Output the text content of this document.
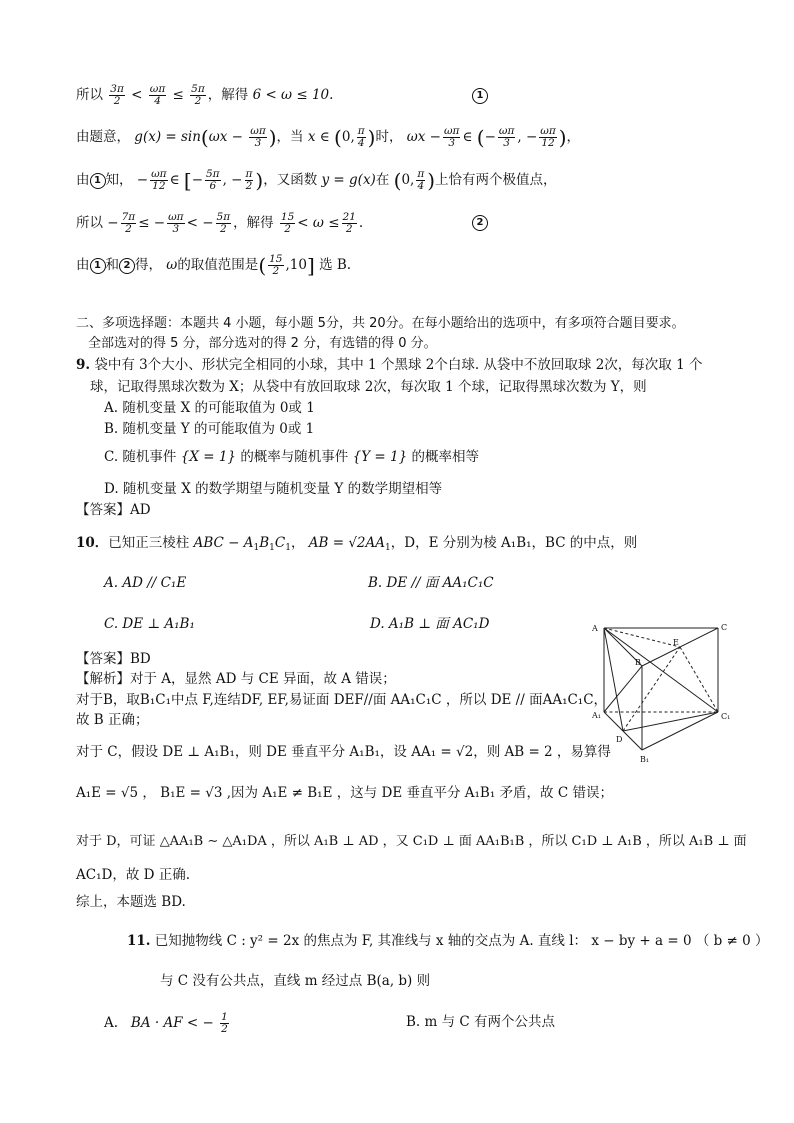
所以 $\frac{3\pi}{2} < \frac{\omega\pi}{4} \le \frac{5\pi}{2}$ ，解得 6 < ω ≤ 10.	1
由题意， $g(x) = \sin(\omega x - \frac{\omega\pi}{3}$ )，当 x ∈ (0, $\frac{\pi}{4}$ )时， $\omega x - \frac{\omega\pi}{3}$ ∈ (− $\frac{\omega\pi}{3}$ , − $\frac{\omega\pi}{12}$ )，
由 1 知， − $\frac{\omega\pi}{12}$ ∈ [− $\frac{5\pi}{6}$ , − $\frac{\pi}{2}$ )，又函数 y = g(x)在 (0, $\frac{\pi}{4}$ )上恰有两个极值点，
所以 − $\frac{7\pi}{2}$ ≤ − $\frac{\omega\pi}{3}$ < − $\frac{5\pi}{2}$ ，解得 $\frac{15}{2} < \omega \le \frac{21}{2}$ .	2
由 1 和 2 得， ω的取值范围是( $\frac{15}{2} ,10$] 选 B.
二、多项选择题：本题共 4 小题，每小题 5分，共 20分。在每小题给出的选项中，有多项符合题目要求。
全部选对的得 5 分，部分选对的得 2 分，有选错的得 0 分。
9. 袋中有 3个大小、形状完全相同的小球，其中 1 个黑球 2个白球. 从袋中不放回取球 2次，每次取 1 个
球，记取得黑球次数为 X；从袋中有放回取球 2次，每次取 1 个球，记取得黑球次数为 Y，则
A. 随机变量 X 的可能取值为 0或 1
B. 随机变量 Y 的可能取值为 0或 1
C. 随机事件 {X = 1} 的概率与随机事件 {Y = 1} 的概率相等
D. 随机变量 X 的数学期望与随机变量 Y 的数学期望相等
【答案】AD
10．已知正三棱柱 ABC − $A_1B_1C_1$， AB = $√2AA_1$，D，E 分别为棱 A₁B₁，BC 的中点，则
A. AD // C₁E	B. DE // 面 AA₁C₁C
C. DE ⊥ A₁B₁	D. A₁B ⊥ 面 AC₁D
【答案】BD
【解析】对于 A，显然 AD 与 CE 异面，故 A 错误；
对于B，取B₁C₁中点 F,连结DF, EF,易证面 DEF//面 AA₁C₁C ，所以 DE // 面AA₁C₁C，
故 B 正确；
对于 C，假设 DE ⊥ A₁B₁，则 DE 垂直平分 A₁B₁，设 AA₁ = √2，则 AB = 2 ，易算得
A₁E = √5 ， B₁E = √3 ,因为 A₁E ≠ B₁E ，这与 DE 垂直平分 A₁B₁ 矛盾，故 C 错误；
对于 D，可证 △AA₁B ∼ △A₁DA ，所以 A₁B ⊥ AD ，又 C₁D ⊥ 面 AA₁B₁B ，所以 C₁D ⊥ A₁B ，所以 A₁B ⊥ 面
AC₁D，故 D 正确.
综上，本题选 BD.
A	C
B
E
A₁	C₁
D
B₁
11. 已知抛物线 C : y² = 2x 的焦点为 F, 其准线与 x 轴的交点为 A. 直线 l： x − by + a = 0 （ b ≠ 0 ）
与 C 没有公共点，直线 m 经过点 B(a, b) 则
A. BA · AF < − $\frac{1}{2}$	B. m 与 C 有两个公共点
